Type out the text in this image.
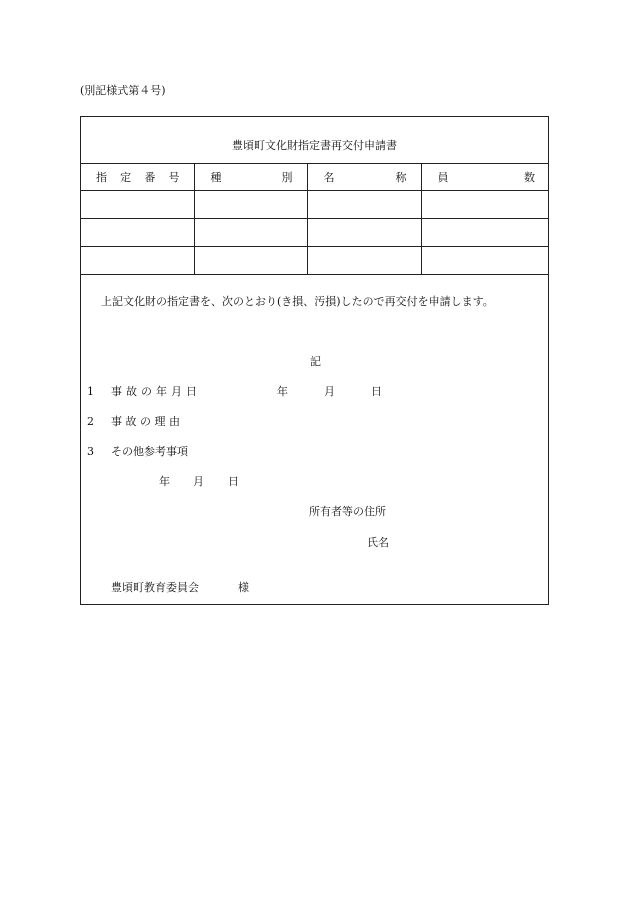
(別記様式第４号)
豊頃町文化財指定書再交付申請書
指 定 番 号	種 別	名 称	員 数

上記文化財の指定書を、次のとおり(き損、汚損)したので再交付を申請します。
記
1 事故の年月日	年	月	日
2 事 故 の 理 由
3 その他参考事項
年 月 日
所有者等の住所
氏名
豊頃町教育委員会	様
